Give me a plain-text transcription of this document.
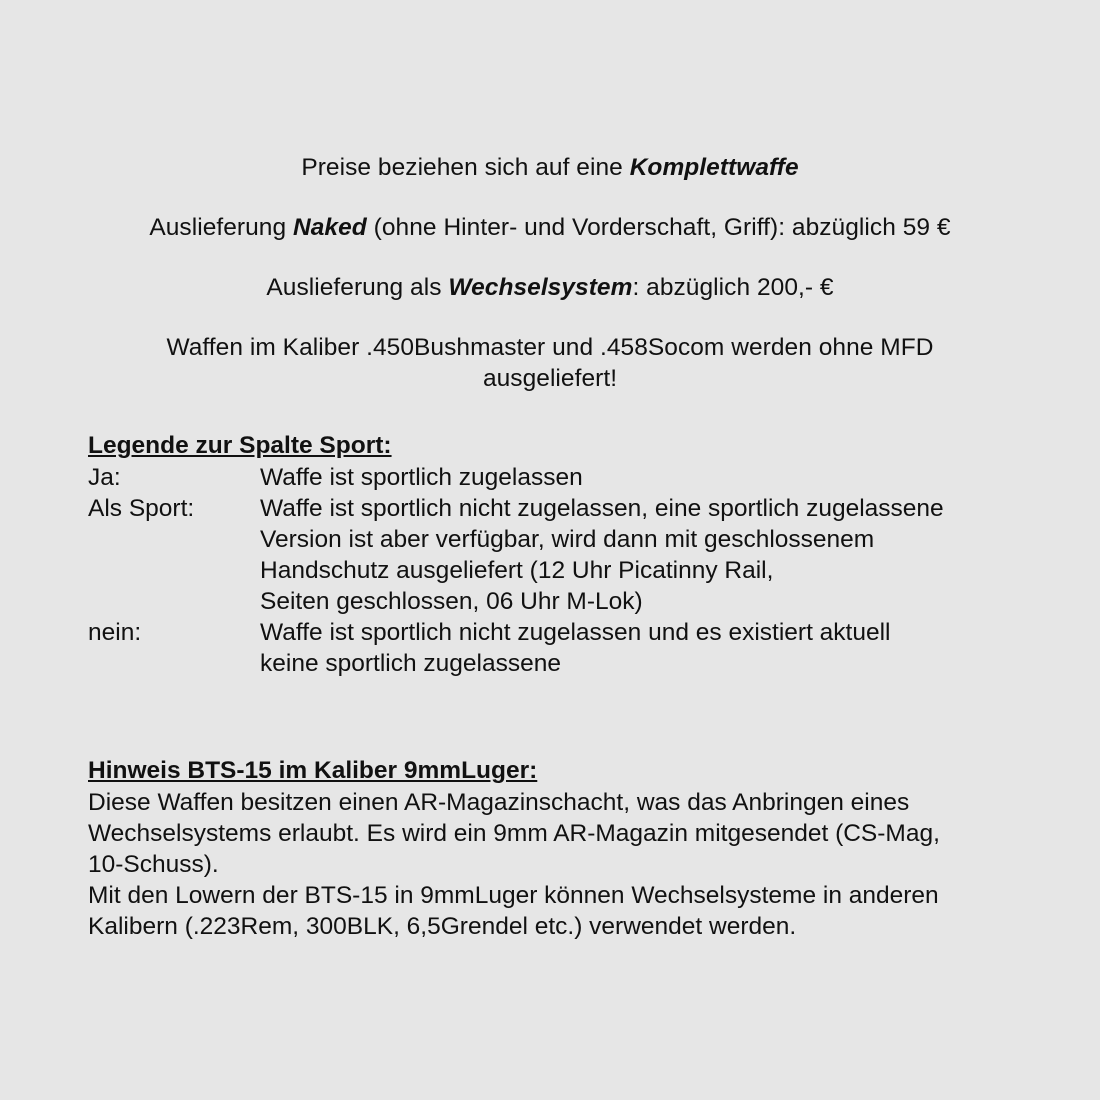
Preise beziehen sich auf eine Komplettwaffe
Auslieferung Naked (ohne Hinter- und Vorderschaft, Griff): abzüglich 59 €
Auslieferung als Wechselsystem: abzüglich 200,- €
Waffen im Kaliber .450Bushmaster und .458Socom werden ohne MFD ausgeliefert!
Legende zur Spalte Sport:
Ja:	Waffe ist sportlich zugelassen

Als Sport:	Waffe ist sportlich nicht zugelassen, eine sportlich zugelassene
Version ist aber verfügbar, wird dann mit geschlossenem
Handschutz ausgeliefert (12 Uhr Picatinny Rail,
Seiten geschlossen, 06 Uhr M-Lok)

nein:	Waffe ist sportlich nicht zugelassen und es existiert aktuell
keine sportlich zugelassene
Hinweis BTS-15 im Kaliber 9mmLuger:

Diese Waffen besitzen einen AR-Magazinschacht, was das Anbringen eines
Wechselsystems erlaubt. Es wird ein 9mm AR-Magazin mitgesendet (CS-Mag,
10-Schuss).

Mit den Lowern der BTS-15 in 9mmLuger können Wechselsysteme in anderen
Kalibern (.223Rem, 300BLK, 6,5Grendel etc.) verwendet werden.
